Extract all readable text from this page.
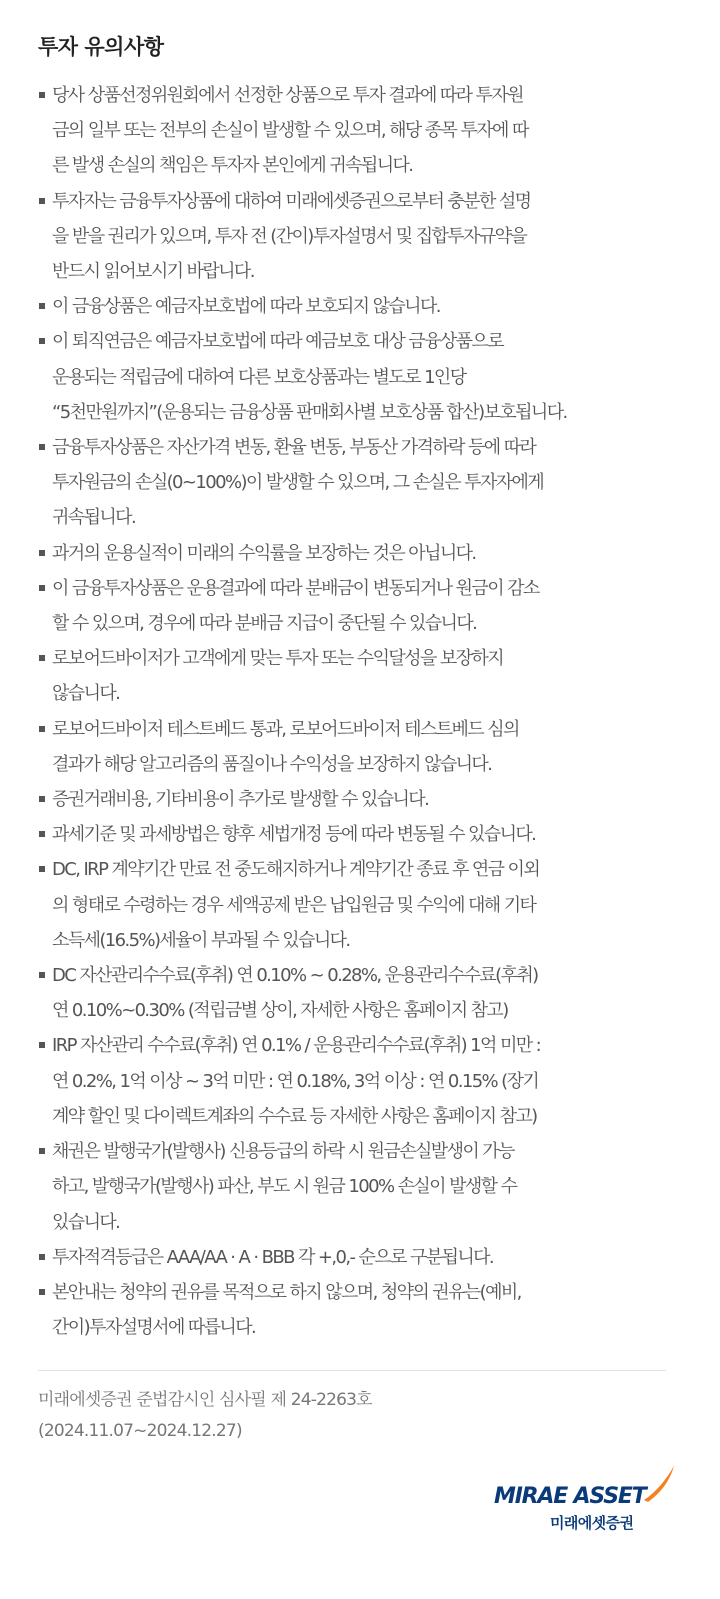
투자 유의사항
당사 상품선정위원회에서 선정한 상품으로 투자 결과에 따라 투자원
금의 일부 또는 전부의 손실이 발생할 수 있으며, 해당 종목 투자에 따
른 발생 손실의 책임은 투자자 본인에게 귀속됩니다.
투자자는 금융투자상품에 대하여 미래에셋증권으로부터 충분한 설명
을 받을 권리가 있으며, 투자 전 (간이)투자설명서 및 집합투자규약을
반드시 읽어보시기 바랍니다.
이 금융상품은 예금자보호법에 따라 보호되지 않습니다.
이 퇴직연금은 예금자보호법에 따라 예금보호 대상 금융상품으로
운용되는 적립금에 대하여 다른 보호상품과는 별도로 1인당
“5천만원까지”(운용되는 금융상품 판매회사별 보호상품 합산)보호됩니다.
금융투자상품은 자산가격 변동, 환율 변동, 부동산 가격하락 등에 따라
투자원금의 손실(0~100%)이 발생할 수 있으며, 그 손실은 투자자에게
귀속됩니다.
과거의 운용실적이 미래의 수익률을 보장하는 것은 아닙니다.
이 금융투자상품은 운용결과에 따라 분배금이 변동되거나 원금이 감소
할 수 있으며, 경우에 따라 분배금 지급이 중단될 수 있습니다.
로보어드바이저가 고객에게 맞는 투자 또는 수익달성을 보장하지
않습니다.
로보어드바이저 테스트베드 통과, 로보어드바이저 테스트베드 심의
결과가 해당 알고리즘의 품질이나 수익성을 보장하지 않습니다.
증권거래비용, 기타비용이 추가로 발생할 수 있습니다.
과세기준 및 과세방법은 향후 세법개정 등에 따라 변동될 수 있습니다.
DC, IRP 계약기간 만료 전 중도해지하거나 계약기간 종료 후 연금 이외
의 형태로 수령하는 경우 세액공제 받은 납입원금 및 수익에 대해 기타
소득세(16.5%)세율이 부과될 수 있습니다.
DC 자산관리수수료(후취) 연 0.10% ~ 0.28%, 운용관리수수료(후취)
연 0.10%~0.30% (적립금별 상이, 자세한 사항은 홈페이지 참고)
IRP 자산관리 수수료(후취) 연 0.1% / 운용관리수수료(후취) 1억 미만 :
연 0.2%, 1억 이상 ~ 3억 미만 : 연 0.18%, 3억 이상 : 연 0.15% (장기
계약 할인 및 다이렉트계좌의 수수료 등 자세한 사항은 홈페이지 참고)
채권은 발행국가(발행사) 신용등급의 하락 시 원금손실발생이 가능
하고, 발행국가(발행사) 파산, 부도 시 원금 100% 손실이 발생할 수
있습니다.
투자적격등급은 AAA/AA · A · BBB 각 +,0,- 순으로 구분됩니다.
본안내는 청약의 권유를 목적으로 하지 않으며, 청약의 권유는(예비,
간이)투자설명서에 따릅니다.
미래에셋증권 준법감시인 심사필 제 24-2263호
(2024.11.07~2024.12.27)
MIRAE ASSET
미래에셋증권
